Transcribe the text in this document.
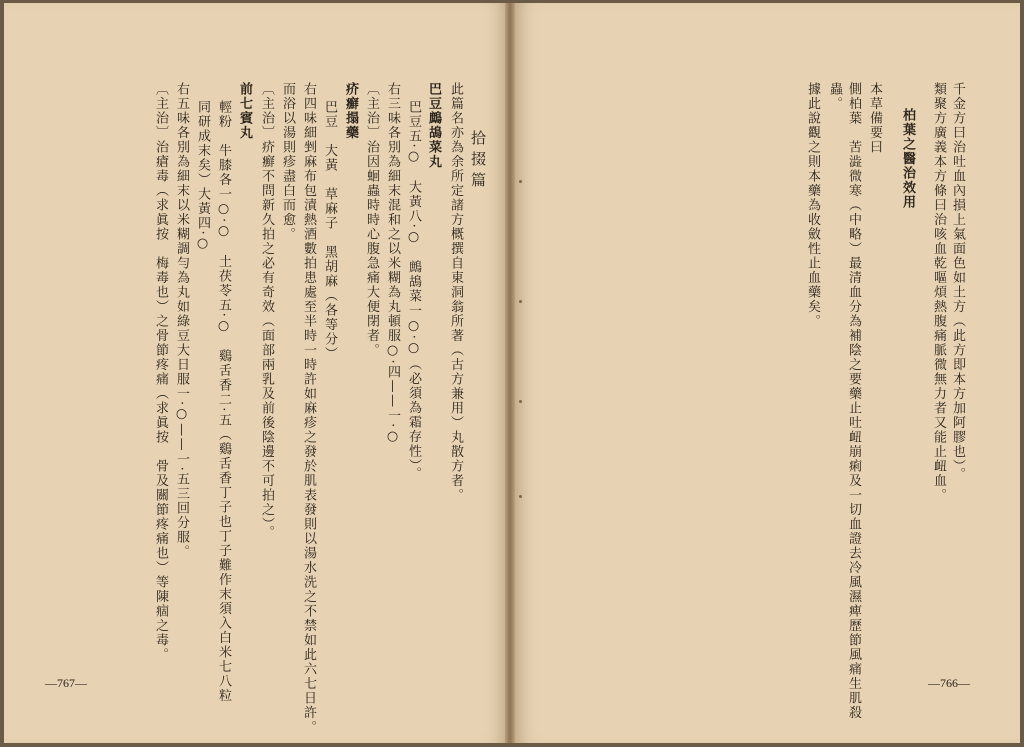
千金方曰治吐血內損上氣面色如土方（此方即本方加阿膠也）。
類聚方廣義本方條曰治咳血乾嘔煩熱腹痛脈微無力者又能止衄血。
柏葉之醫治效用
本草備要曰
側柏葉　苦澁微寒（中略）最清血分為補陰之要藥止吐衄崩痢及一切血證去冷風濕痺歷節風痛生肌殺
蟲。
據此說觀之則本藥為收斂性止血藥矣。
拾掇篇
此篇名亦為余所定諸方概撰自東洞翁所著（古方兼用）丸散方者。
巴豆鷓鴣菜丸
巴豆五·○　大黃八·○　鷓鴣菜一○·○（必須為霜存性）。
右三味各別為細末混和之以米糊為丸頓服○·四——一·○
〔主治〕治因蛔蟲時時心腹急痛大便閉者。
疥癬搨藥
巴豆　大黃　草麻子　黑胡麻（各等分）
右四味細剉麻布包漬熱酒數拍患處至半時一時許如麻疹之發於肌表發則以湯水洗之不禁如此六七日許。
而浴以湯則疹盡白而愈。
〔主治〕疥癬不問新久拍之必有奇效（面部兩乳及前後陰邊不可拍之）。
前七賓丸
輕粉　牛膝各一○·○　土茯苓五·○　鷄舌香二·五（鷄舌香丁子也丁子難作末須入白米七八粒
同研成末矣）大黃四·○
右五味各別為細末以米糊調勻為丸如綠豆大日服一·○——一·五三回分服。
〔主治〕治瘡毒（求眞按　梅毒也）之骨節疼痛（求眞按　骨及關節疼痛也）等陳痼之毒。
—767—	—766—
